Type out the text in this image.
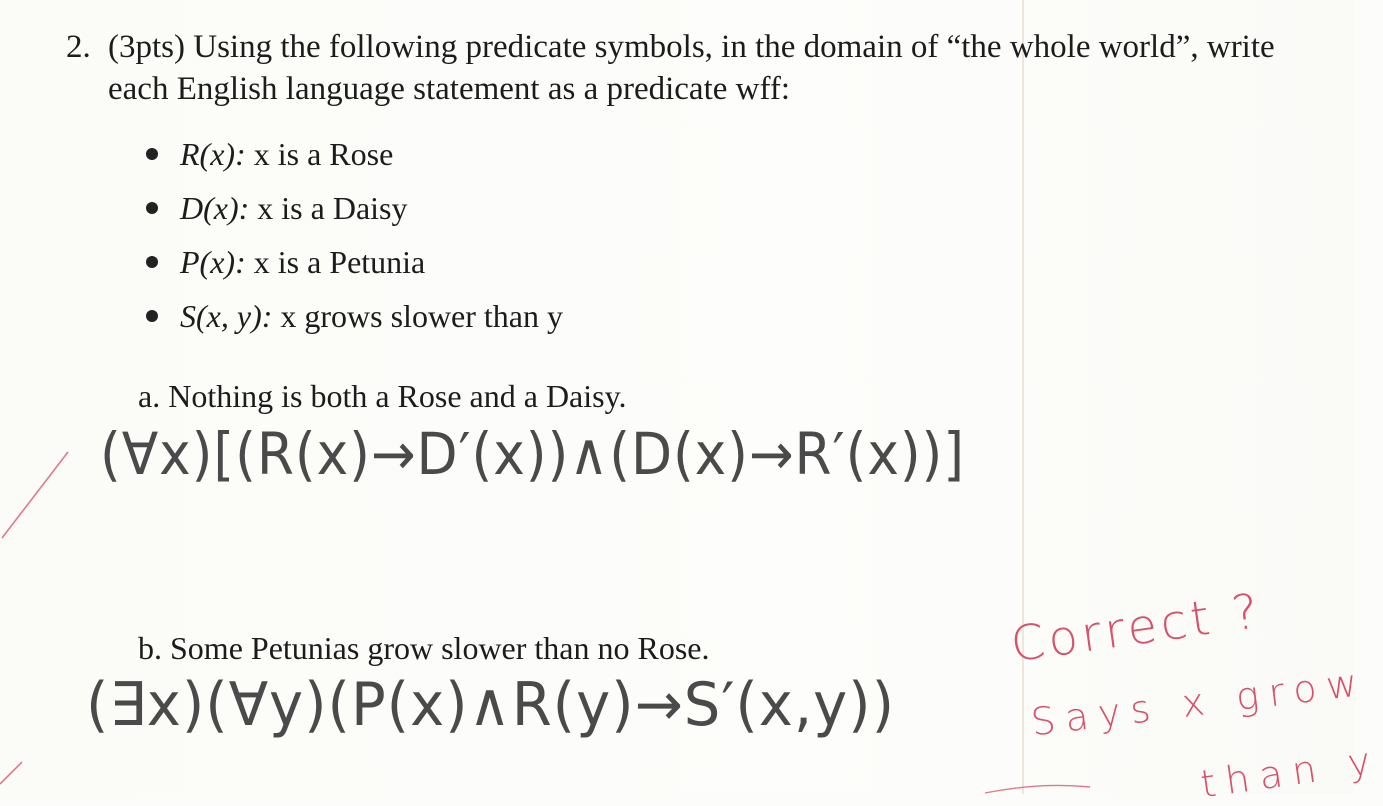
2. (3pts) Using the following predicate symbols, in the domain of “the whole world”, write each English language statement as a predicate wff:
R(x): x is a Rose
D(x): x is a Daisy
P(x): x is a Petunia
S(x, y): x grows slower than y
a. Nothing is both a Rose and a Daisy.
(∀x)[(R(x)→D′(x))∧(D(x)→R′(x))]
b. Some Petunias grow slower than no Rose.
(∃x)(∀y)(P(x)∧R(y)→S′(x,y))
Correct ?
Says x grow
than y
